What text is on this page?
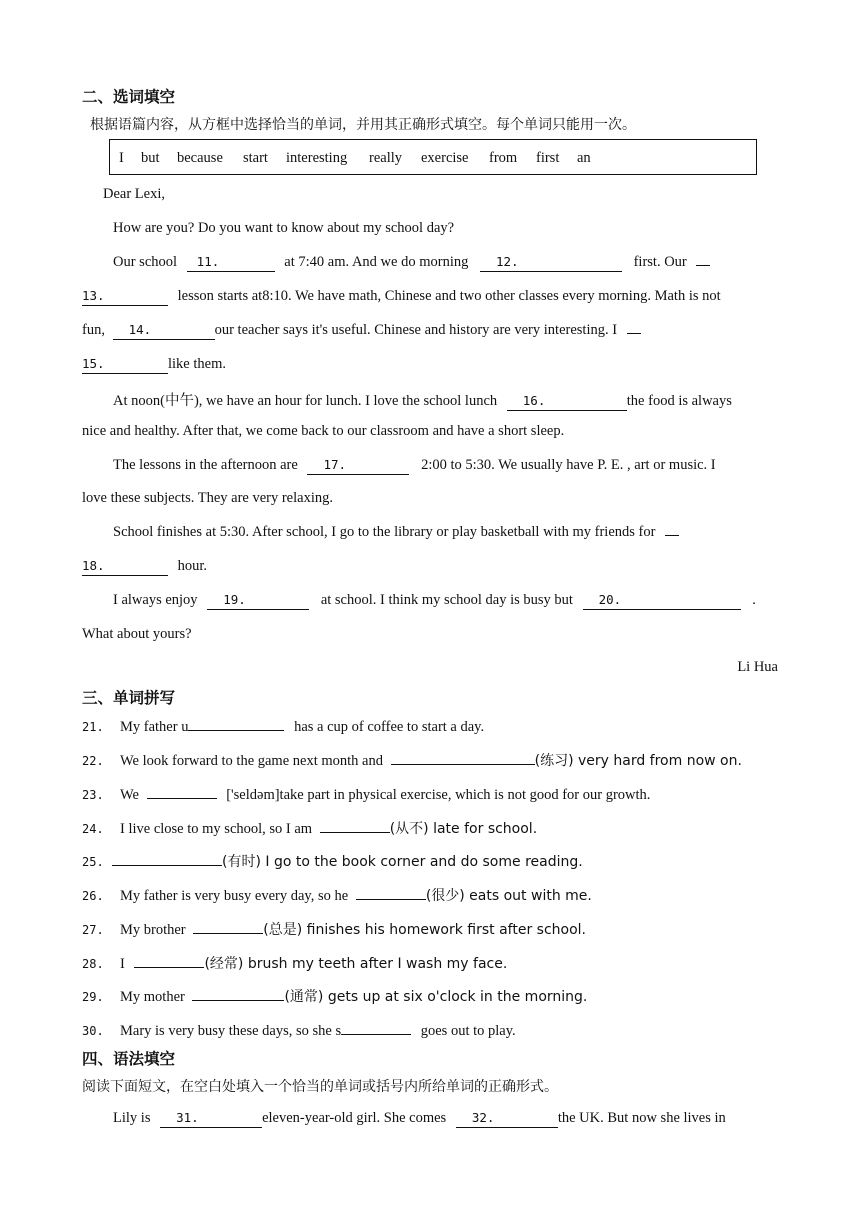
二、选词填空
根据语篇内容，从方框中选择恰当的单词，并用其正确形式填空。每个单词只能用一次。
I but because start interesting really exercise from first an
Dear Lexi,
How are you? Do you want to know about my school day?
Our school 11.	at 7:40 am. And we do morning 12.	first. Our
13.	lesson starts at8:10. We have math, Chinese and two other classes every morning. Math is not
fun, 14.	our teacher says it's useful. Chinese and history are very interesting. I
15.	like them.
At noon(中午), we have an hour for lunch. I love the school lunch 16.	the food is always
nice and healthy. After that, we come back to our classroom and have a short sleep.
The lessons in the afternoon are 17.	2:00 to 5:30. We usually have P. E. , art or music. I
love these subjects. They are very relaxing.
School finishes at 5:30. After school, I go to the library or play basketball with my friends for
18.	hour.
I always enjoy 19.	at school. I think my school day is busy but 20.	.
What about yours?
Li Hua
三、单词拼写
21. My father u	has a cup of coffee to start a day.
22. We look forward to the game next month and	(练习) very hard from now on.
23. We	['seldəm]take part in physical exercise, which is not good for our growth.
24. I live close to my school, so I am	(从不) late for school.
25.	(有时) I go to the book corner and do some reading.
26. My father is very busy every day, so he	(很少) eats out with me.
27. My brother	(总是) finishes his homework first after school.
28. I	(经常) brush my teeth after I wash my face.
29. My mother	(通常) gets up at six o'clock in the morning.
30. Mary is very busy these days, so she s	goes out to play.
四、语法填空
阅读下面短文，在空白处填入一个恰当的单词或括号内所给单词的正确形式。
Lily is 31.	eleven-year-old girl. She comes 32.	the UK. But now she lives in
